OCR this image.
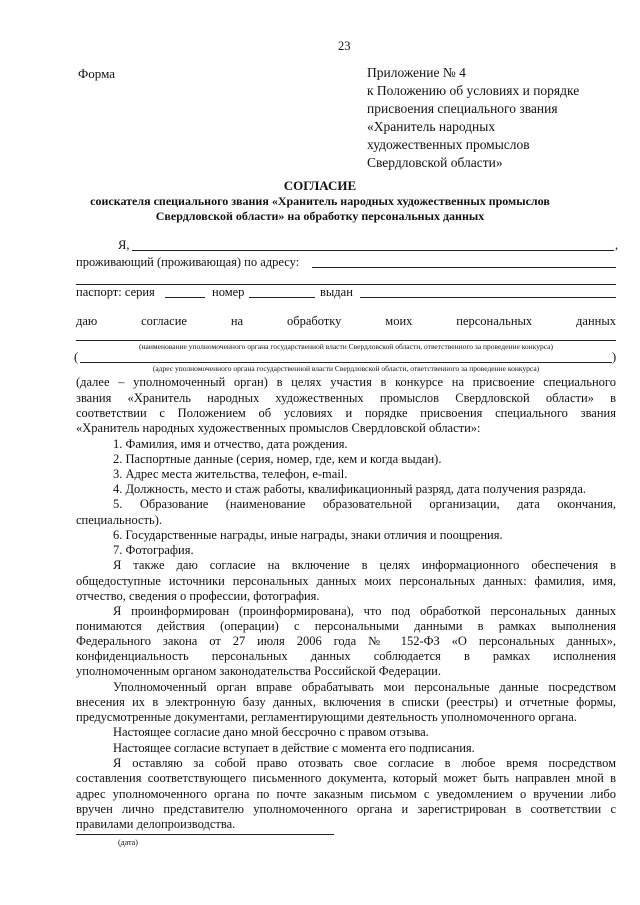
23
Форма	Приложение № 4
к Положению об условиях и порядке
присвоения специального звания
«Хранитель народных
художественных промыслов
Свердловской области»
СОГЛАСИЕ
соискателя специального звания «Хранитель народных художественных промыслов
Свердловской области» на обработку персональных данных
Я,	,
проживающий (проживающая) по адресу:
паспорт: серия	номер	выдан
даю	согласие	на	обработку	моих	персональных	данных
(наименование уполномоченного органа государственной власти Свердловской области, ответственного за проведение конкурса)
(	)
(адрес уполномоченного органа государственной власти Свердловской области, ответственного за проведение конкурса)
(далее – уполномоченный орган) в целях участия в конкурсе на присвоение специального
звания «Хранитель народных художественных промыслов Свердловской области» в
соответствии с Положением об условиях и порядке присвоения специального звания
«Хранитель народных художественных промыслов Свердловской области»:
1. Фамилия, имя и отчество, дата рождения.
2. Паспортные данные (серия, номер, где, кем и когда выдан).
3. Адрес места жительства, телефон, e-mail.
4. Должность, место и стаж работы, квалификационный разряд, дата получения разряда.
5. Образование (наименование образовательной организации, дата окончания,
специальность).
6. Государственные награды, иные награды, знаки отличия и поощрения.
7. Фотография.
Я также даю согласие на включение в целях информационного обеспечения в
общедоступные источники персональных данных моих персональных данных: фамилия, имя,
отчество, сведения о профессии, фотография.
Я проинформирован (проинформирована), что под обработкой персональных данных
понимаются действия (операции) с персональными данными в рамках выполнения
Федерального закона от 27 июля 2006 года № 152-ФЗ «О персональных данных»,
конфиденциальность персональных данных соблюдается в рамках исполнения
уполномоченным органом законодательства Российской Федерации.
Уполномоченный орган вправе обрабатывать мои персональные данные посредством
внесения их в электронную базу данных, включения в списки (реестры) и отчетные формы,
предусмотренные документами, регламентирующими деятельность уполномоченного органа.
Настоящее согласие дано мной бессрочно с правом отзыва.
Настоящее согласие вступает в действие с момента его подписания.
Я оставляю за собой право отозвать свое согласие в любое время посредством
составления соответствующего письменного документа, который может быть направлен мной в
адрес уполномоченного органа по почте заказным письмом с уведомлением о вручении либо
вручен лично представителю уполномоченного органа и зарегистрирован в соответствии с
правилами делопроизводства.
(дата)
